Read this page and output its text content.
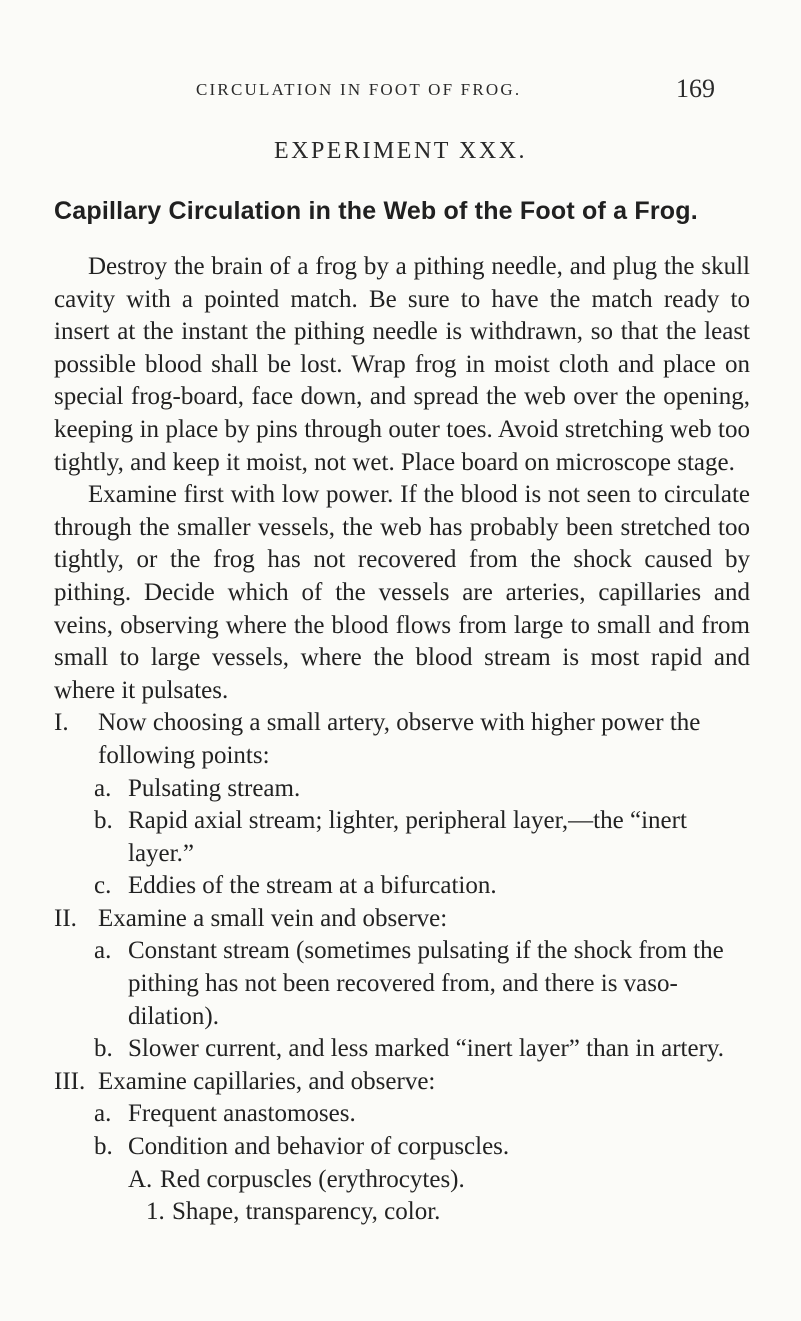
CIRCULATION IN FOOT OF FROG.	169
EXPERIMENT XXX.
Capillary Circulation in the Web of the Foot of a Frog.

Destroy the brain of a frog by a pithing needle, and plug the skull cavity with a pointed match. Be sure to have the match ready to insert at the instant the pithing needle is withdrawn, so that the least possible blood shall be lost. Wrap frog in moist cloth and place on special frog-board, face down, and spread the web over the opening, keeping in place by pins through outer toes. Avoid stretching web too tightly, and keep it moist, not wet. Place board on microscope stage.

Examine first with low power. If the blood is not seen to circulate through the smaller vessels, the web has probably been stretched too tightly, or the frog has not recovered from the shock caused by pithing. Decide which of the vessels are arteries, capillaries and veins, observing where the blood flows from large to small and from small to large vessels, where the blood stream is most rapid and where it pulsates.

I. Now choosing a small artery, observe with higher power the following points:
a. Pulsating stream.
b. Rapid axial stream; lighter, peripheral layer,—the “inert layer.”
c. Eddies of the stream at a bifurcation.
II. Examine a small vein and observe:
a. Constant stream (sometimes pulsating if the shock from the pithing has not been recovered from, and there is vaso-dilation).
b. Slower current, and less marked “inert layer” than in artery.
III. Examine capillaries, and observe:
a. Frequent anastomoses.
b. Condition and behavior of corpuscles.
A. Red corpuscles (erythrocytes).
1. Shape, transparency, color.
